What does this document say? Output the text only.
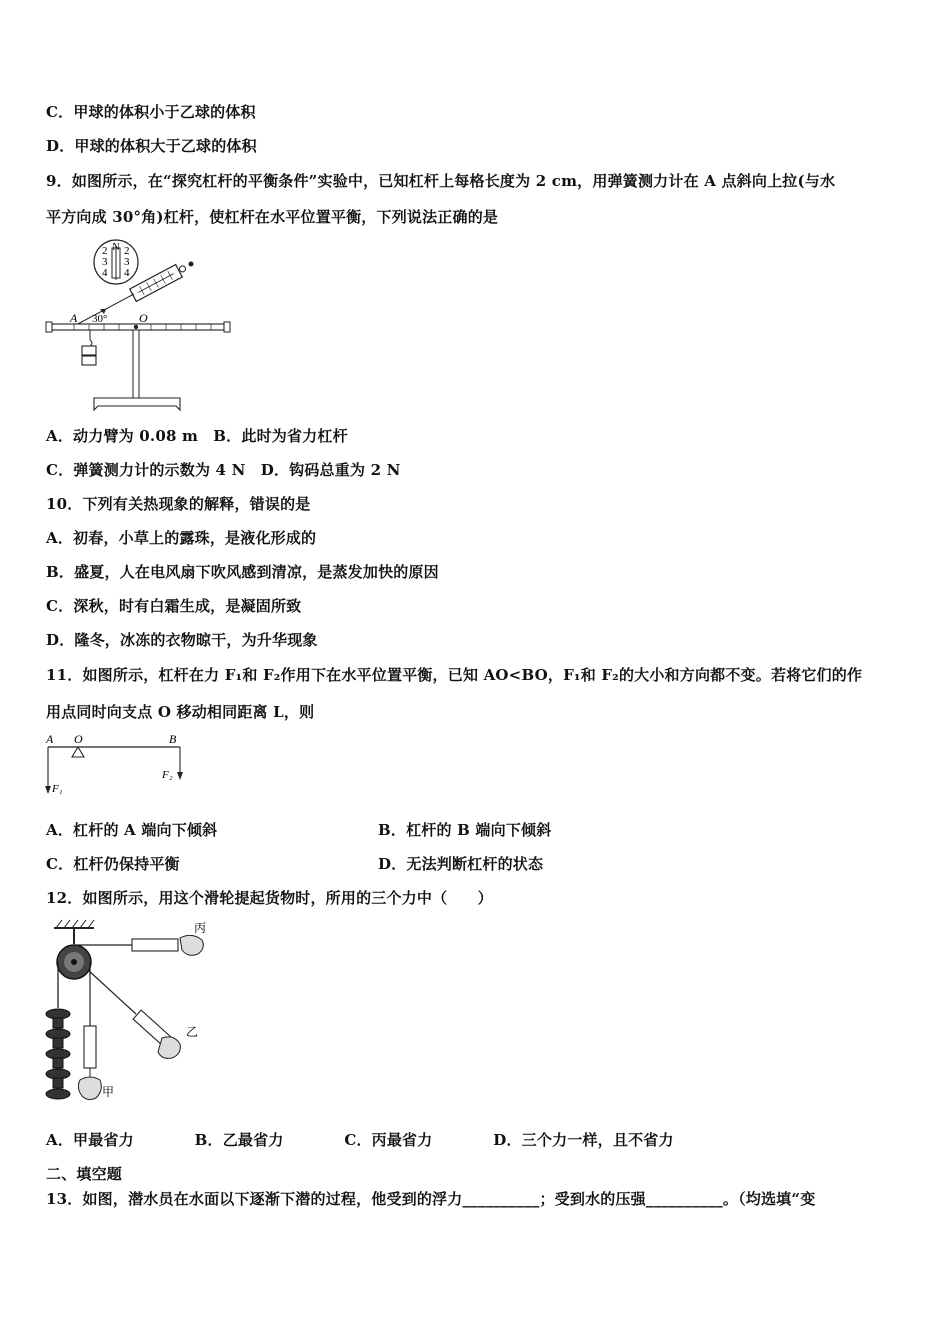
C．甲球的体积小于乙球的体积
D．甲球的体积大于乙球的体积
9．如图所示，在“探究杠杆的平衡条件”实验中，已知杠杆上每格长度为 2 cm，用弹簧测力计在 A 点斜向上拉(与水
平方向成 30°角)杠杆，使杠杆在水平位置平衡，下列说法正确的是
N
2
3
4
2
3
4
A	O
30°
A．动力臂为 0.08 m　B．此时为省力杠杆
C．弹簧测力计的示数为 4 N　D．钩码总重为 2 N
10．下列有关热现象的解释，错误的是
A．初春，小草上的露珠，是液化形成的
B．盛夏，人在电风扇下吹风感到清凉，是蒸发加快的原因
C．深秋，时有白霜生成，是凝固所致
D．隆冬，冰冻的衣物晾干，为升华现象
11．如图所示，杠杆在力 F₁和 F₂作用下在水平位置平衡，已知 AO<BO，F₁和 F₂的大小和方向都不变。若将它们的作
用点同时向支点 O 移动相同距离 L，则
A O	B
F₁
F₂
A．杠杆的 A 端向下倾斜	B．杠杆的 B 端向下倾斜
C．杠杆仍保持平衡	D．无法判断杠杆的状态
12．如图所示，用这个滑轮提起货物时，所用的三个力中（　　）
甲
乙
丙
A．甲最省力　　　　B．乙最省力　　　　C．丙最省力　　　　D．三个力一样，且不省力
二、填空题
13．如图，潜水员在水面以下逐渐下潜的过程，他受到的浮力__________；受到水的压强__________。（均选填“变
